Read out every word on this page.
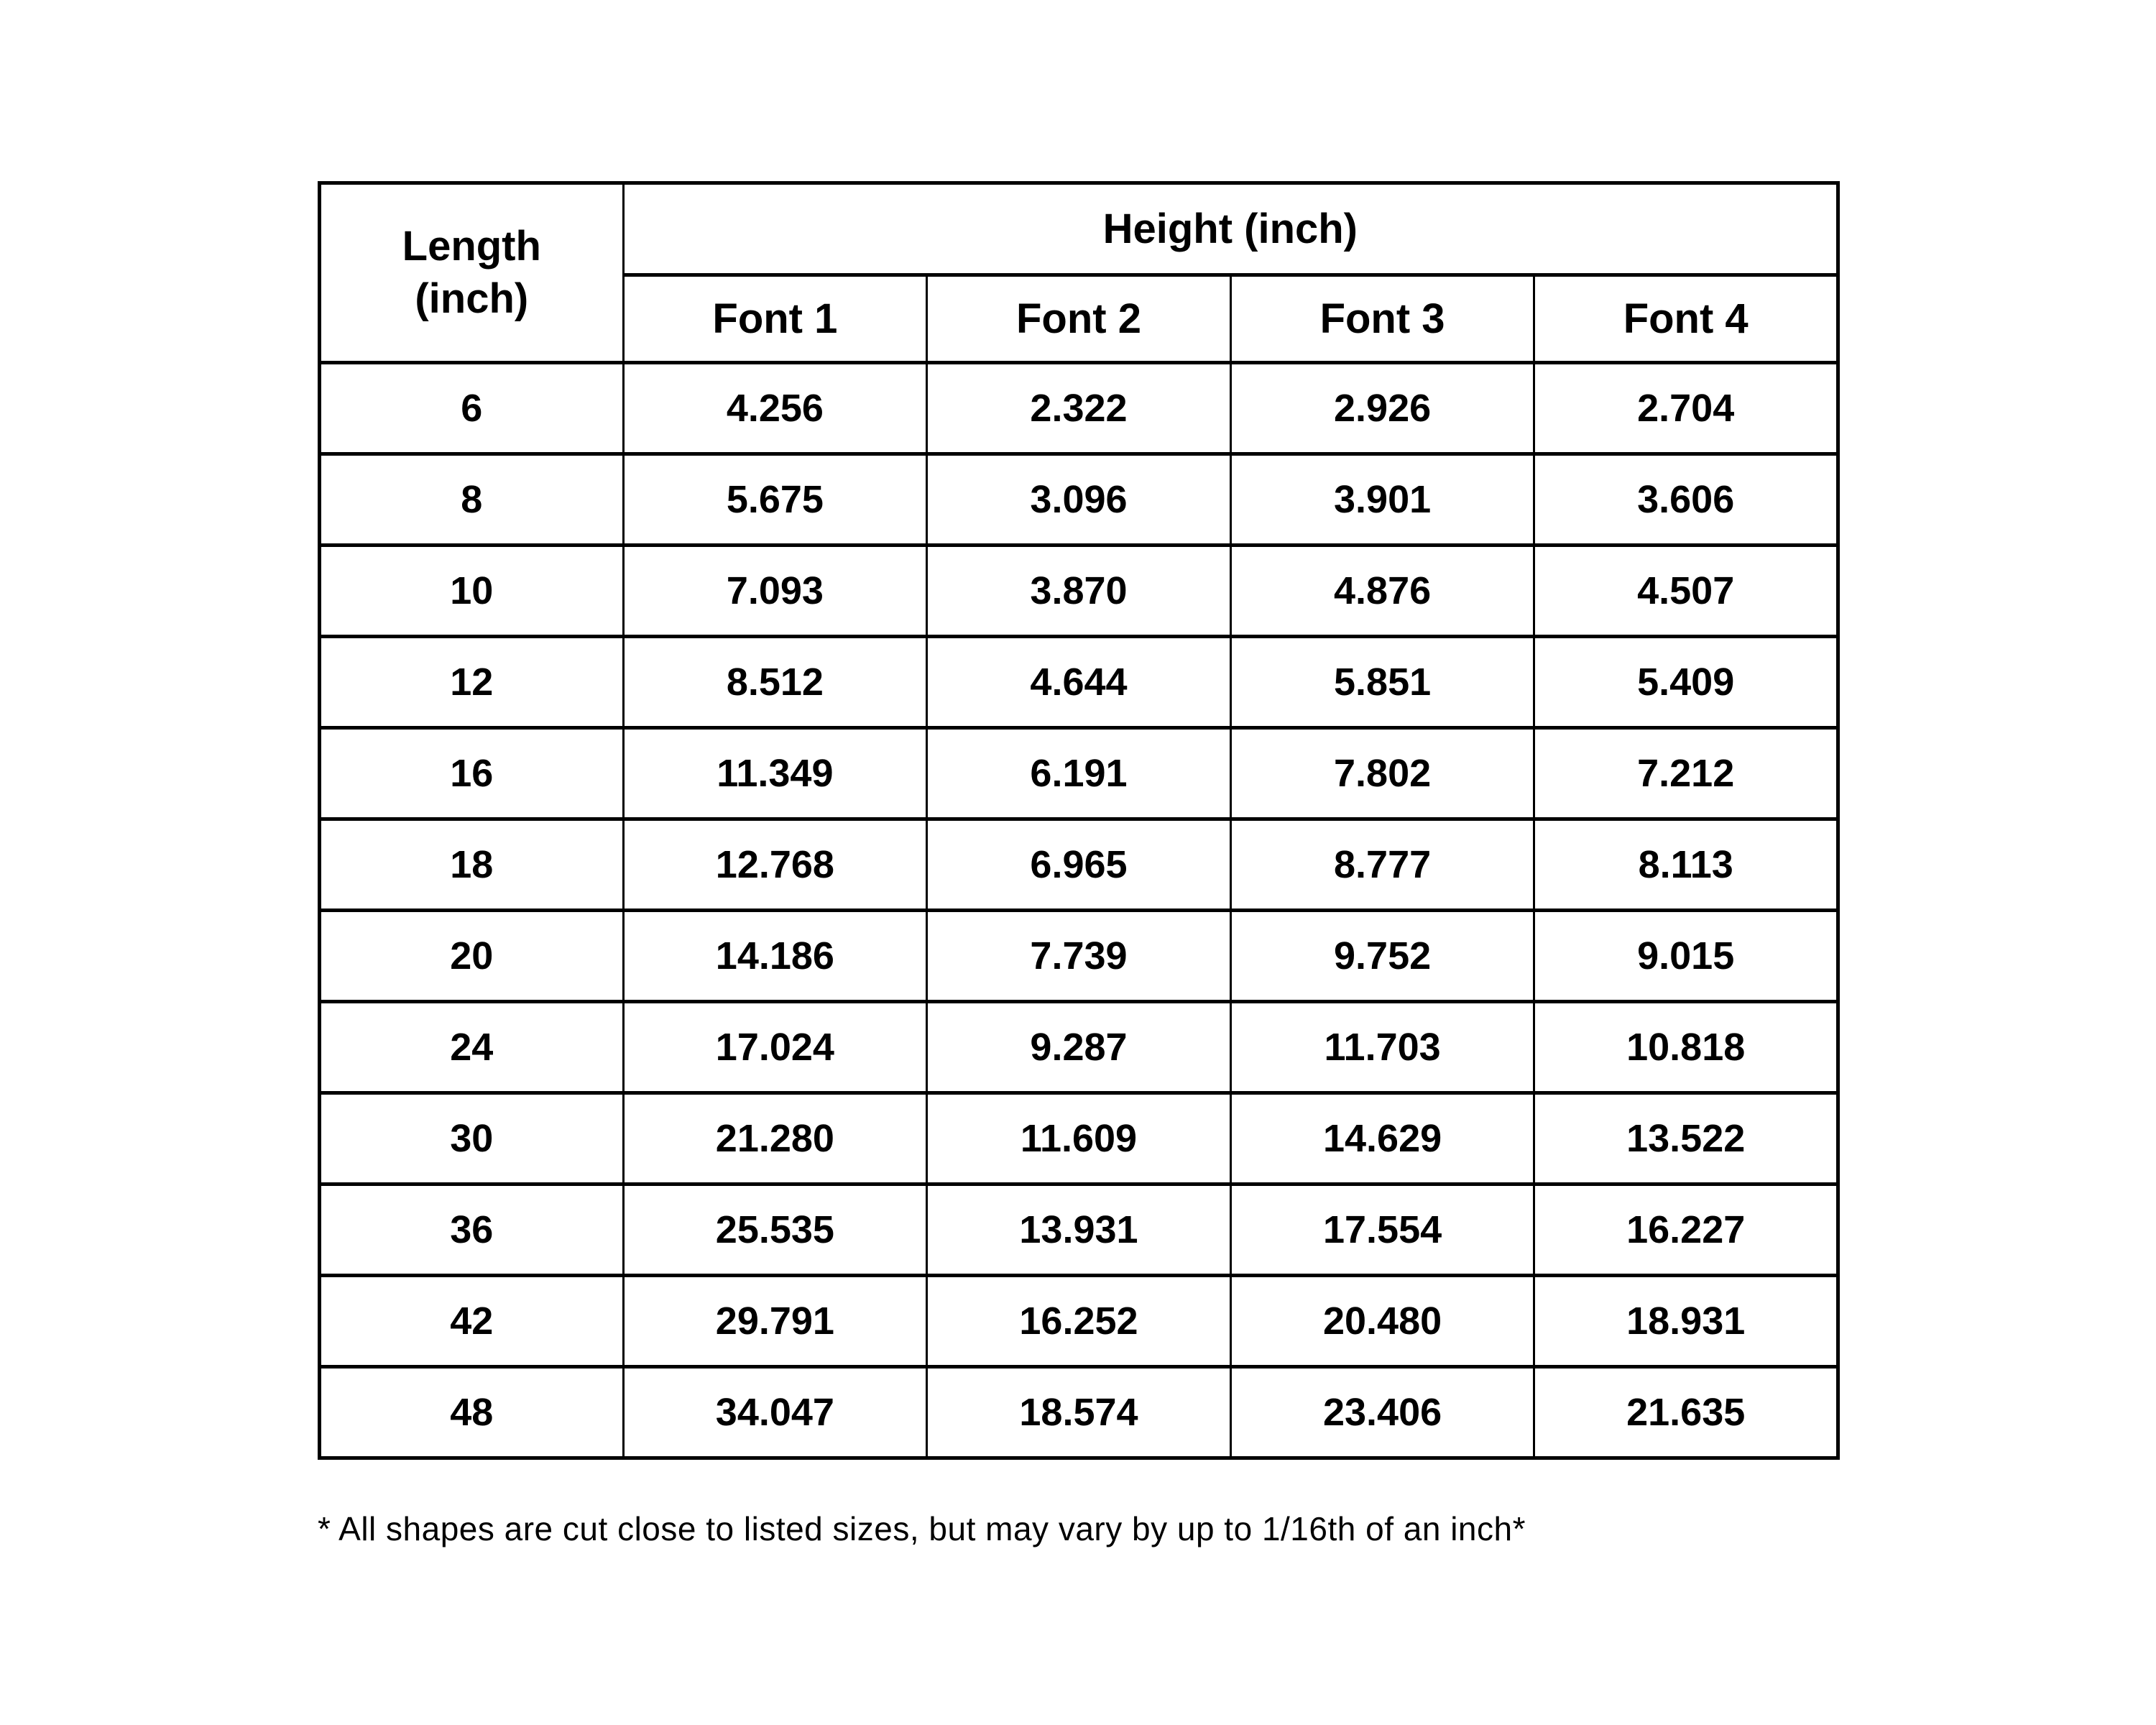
Length
(inch)	Height (inch)			
	Font 1	Font 2	Font 3	Font 4
6	4.256	2.322	2.926	2.704
8	5.675	3.096	3.901	3.606
10	7.093	3.870	4.876	4.507
12	8.512	4.644	5.851	5.409
16	11.349	6.191	7.802	7.212
18	12.768	6.965	8.777	8.113
20	14.186	7.739	9.752	9.015
24	17.024	9.287	11.703	10.818
30	21.280	11.609	14.629	13.522
36	25.535	13.931	17.554	16.227
42	29.791	16.252	20.480	18.931
48	34.047	18.574	23.406	21.635
* All shapes are cut close to listed sizes, but may vary by up to 1/16th of an inch*
